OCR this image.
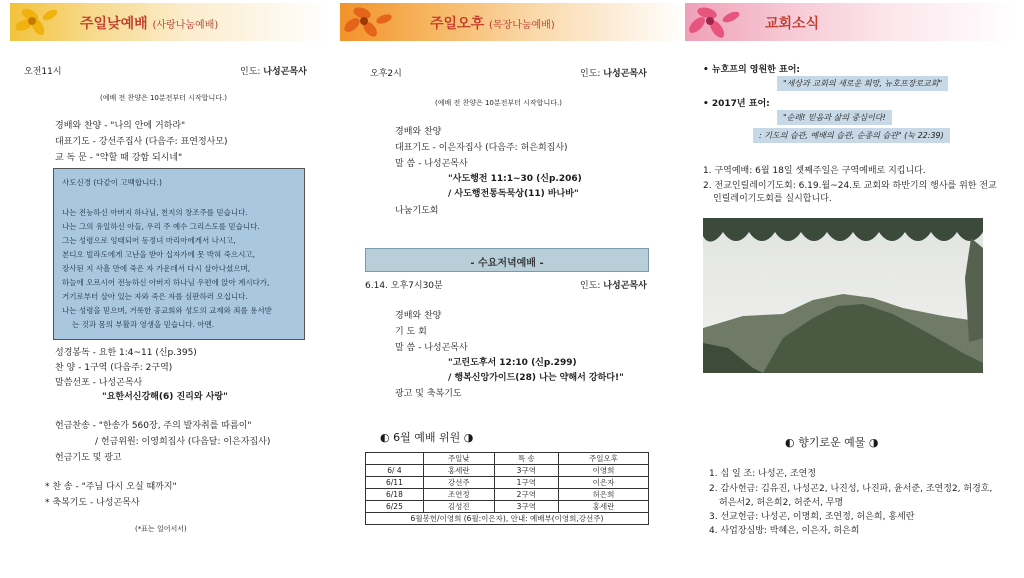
주일낮예배 (사랑나눔예배)
오전11시	인도: 나성곤목사
(예배 전 찬양은 10분전부터 시작합니다.)
경배와 찬양 - "나의 안에 거하라"
대표기도 - 강선주집사 (다음주: 표연정사모)
교 독 문 - "약할 때 강함 되시네"
사도신경 (다같이 고백합니다.)
나는 전능하신 아버지 하나님, 천지의 창조주를 믿습니다.
나는 그의 유일하신 아들, 우리 주 예수 그리스도를 믿습니다.
그는 성령으로 잉태되어 동정녀 마리아에게서 나시고,
본디오 빌라도에게 고난을 받아 십자가에 못 박혀 죽으시고,
장사된 지 사흘 만에 죽은 자 가운데서 다시 살아나셨으며,
하늘에 오르시어 전능하신 아버지 하나님 우편에 앉아 계시다가,
거기로부터 살아 있는 자와 죽은 자를 심판하러 오십니다.
나는 성령을 믿으며, 거룩한 공교회와 성도의 교제와 죄를 용서받
는 것과 몸의 부활과 영생을 믿습니다. 아멘.
성경봉독 - 요한 1:4~11 (신p.395)
찬 양 - 1구역 (다음주: 2구역)
말씀선포 - 나성곤목사
"요한서신강해(6) 진리와 사랑"
헌금찬송 - "한송가 560장, 주의 발자취를 따름이"
/ 헌금위원: 이영희집사 (다음달: 이은자집사)
헌금기도 및 광고
* 찬 송 - "주님 다시 오실 때까지"
* 축복기도 - 나성곤목사
(*표는 일어서서)
주일오후 (목장나눔예배)
오후2시	인도: 나성곤목사
(예배 전 찬양은 10분전부터 시작합니다.)
경배와 찬양
대표기도 - 이은자집사 (다음주: 허은희집사)
말 씀 - 나성곤목사
"사도행전 11:1~30 (신p.206)
/ 사도행전통독묵상(11) 바나바"
나눔기도회
- 수요저녁예배 -
6.14. 오후7시30분	인도: 나성곤목사
경배와 찬양
기 도 회
말 씀 - 나성곤목사
"고린도후서 12:10 (신p.299)
/ 행복신앙가이드(28) 나는 약해서 강하다!"
광고 및 축복기도
◐ 6월 예배 위원 ◑
	주일낮	특 송	주일오후
6/ 4	홍세란	3구역	이영희
6/11	강선주	1구역	이은자
6/18	조연정	2구역	허은희
6/25	김성진	3구역	홍세란
6월봉헌/이영희 (6월:이은자), 안내: 예배부(이영희,강선주)			
교회소식
• 뉴호프의 영원한 표어:
"세상과 교회의 새로운 희망, 뉴호프장로교회"
• 2017년 표어:
"순례! 믿음과 삶의 중심이다!
: 기도의 습관, 예배의 습관, 순종의 습관" (눅 22:39)
1. 구역예배: 6월 18일 셋째주일은 구역예배로 지킵니다.
2. 전교인릴레이기도회: 6.19.월~24.토 교회와 하반기의 행사를 위한 전교
인릴레이기도회를 실시합니다.
◐ 향기로운 예물 ◑
1. 십 일 조: 나성곤, 조연정
2. 감사헌금: 김유진, 나성곤2, 나진성, 나진파, 윤서준, 조연정2, 허경호,
허은서2, 허은희2, 허준서, 무명
3. 선교헌금: 나성곤, 이명희, 조연정, 허은희, 홍세란
4. 사업장심방: 박혜은, 이은자, 허은희
